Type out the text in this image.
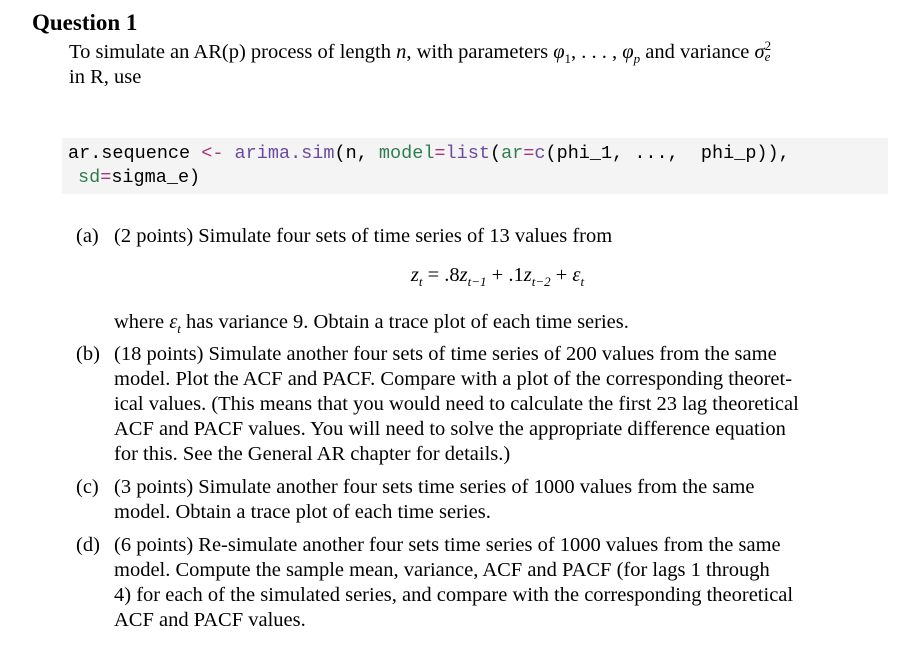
Question 1
To simulate an AR(p) process of length n, with parameters $\varphi_1$, . . . , $\varphi_p$ and variance σ 2
e
in R, use
ar.sequence <- arima.sim(n, model=list(ar=c(phi_1, ...,  phi_p)),
sd=sigma_e)
(a) (2 points) Simulate four sets of time series of 13 values from
$z_t = .8z_{t-1} + .1z_{t-2} + \varepsilon_t$
where $\varepsilon_t$ has variance 9. Obtain a trace plot of each time series.
(b) (18 points) Simulate another four sets of time series of 200 values from the same
model. Plot the ACF and PACF. Compare with a plot of the corresponding theoret-
ical values. (This means that you would need to calculate the first 23 lag theoretical
ACF and PACF values. You will need to solve the appropriate difference equation
for this. See the General AR chapter for details.)
(c) (3 points) Simulate another four sets time series of 1000 values from the same
model. Obtain a trace plot of each time series.
(d) (6 points) Re-simulate another four sets time series of 1000 values from the same
model. Compute the sample mean, variance, ACF and PACF (for lags 1 through
4) for each of the simulated series, and compare with the corresponding theoretical
ACF and PACF values.
